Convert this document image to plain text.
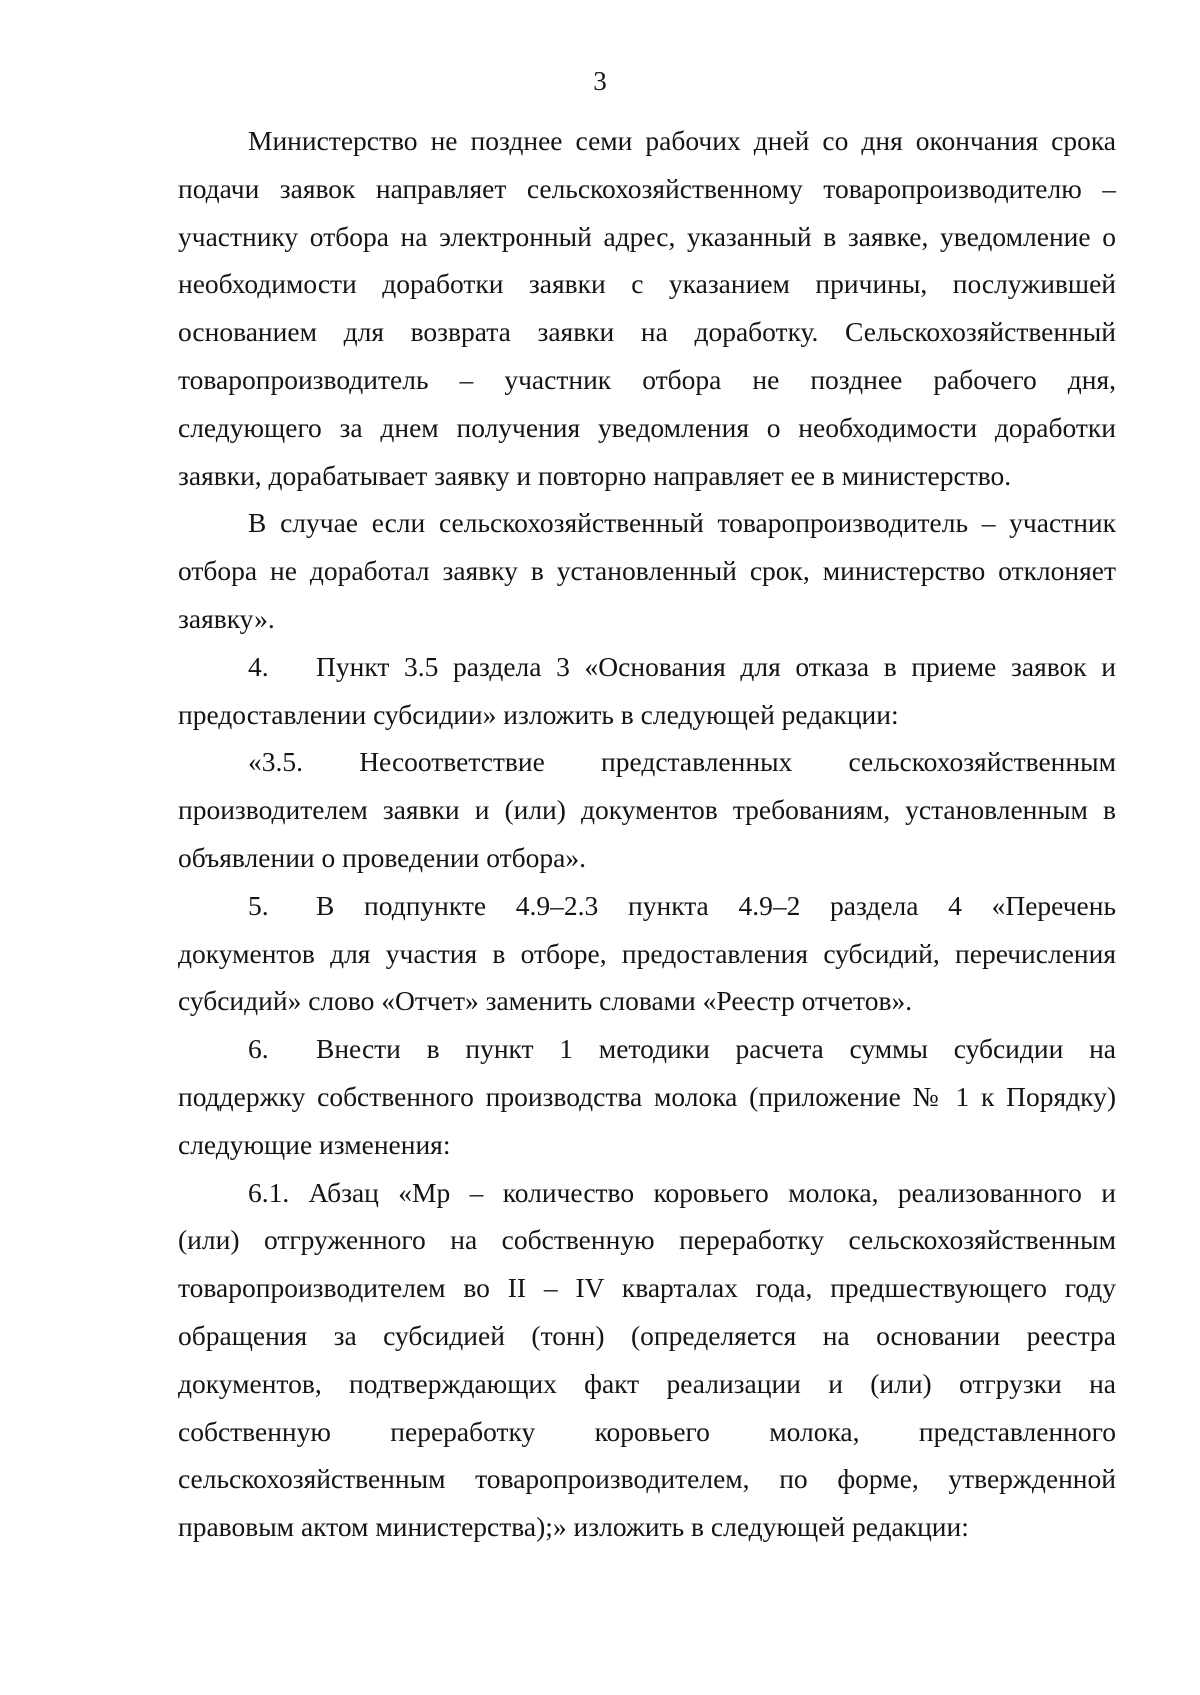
3
Министерство не позднее семи рабочих дней со дня окончания срока
подачи заявок направляет сельскохозяйственному товаропроизводителю –
участнику отбора на электронный адрес, указанный в заявке, уведомление о
необходимости доработки заявки с указанием причины, послужившей
основанием для возврата заявки на доработку. Сельскохозяйственный
товаропроизводитель – участник отбора не позднее рабочего дня,
следующего за днем получения уведомления о необходимости доработки
заявки, дорабатывает заявку и повторно направляет ее в министерство.
В случае если сельскохозяйственный товаропроизводитель – участник
отбора не доработал заявку в установленный срок, министерство отклоняет
заявку».
4.	Пункт 3.5 раздела 3 «Основания для отказа в приеме заявок и
предоставлении субсидии» изложить в следующей редакции:
«3.5. Несоответствие представленных сельскохозяйственным
производителем заявки и (или) документов требованиям, установленным в
объявлении о проведении отбора».
5.	В подпункте 4.9–2.3 пункта 4.9–2 раздела 4 «Перечень
документов для участия в отборе, предоставления субсидий, перечисления
субсидий» слово «Отчет» заменить словами «Реестр отчетов».
6.	Внести в пункт 1 методики расчета суммы субсидии на
поддержку собственного производства молока (приложение № 1 к Порядку)
следующие изменения:
6.1. Абзац «Мр – количество коровьего молока, реализованного и
(или) отгруженного на собственную переработку сельскохозяйственным
товаропроизводителем во II – IV кварталах года, предшествующего году
обращения за субсидией (тонн) (определяется на основании реестра
документов, подтверждающих факт реализации и (или) отгрузки на
собственную переработку коровьего молока, представленного
сельскохозяйственным товаропроизводителем, по форме, утвержденной
правовым актом министерства);» изложить в следующей редакции:
